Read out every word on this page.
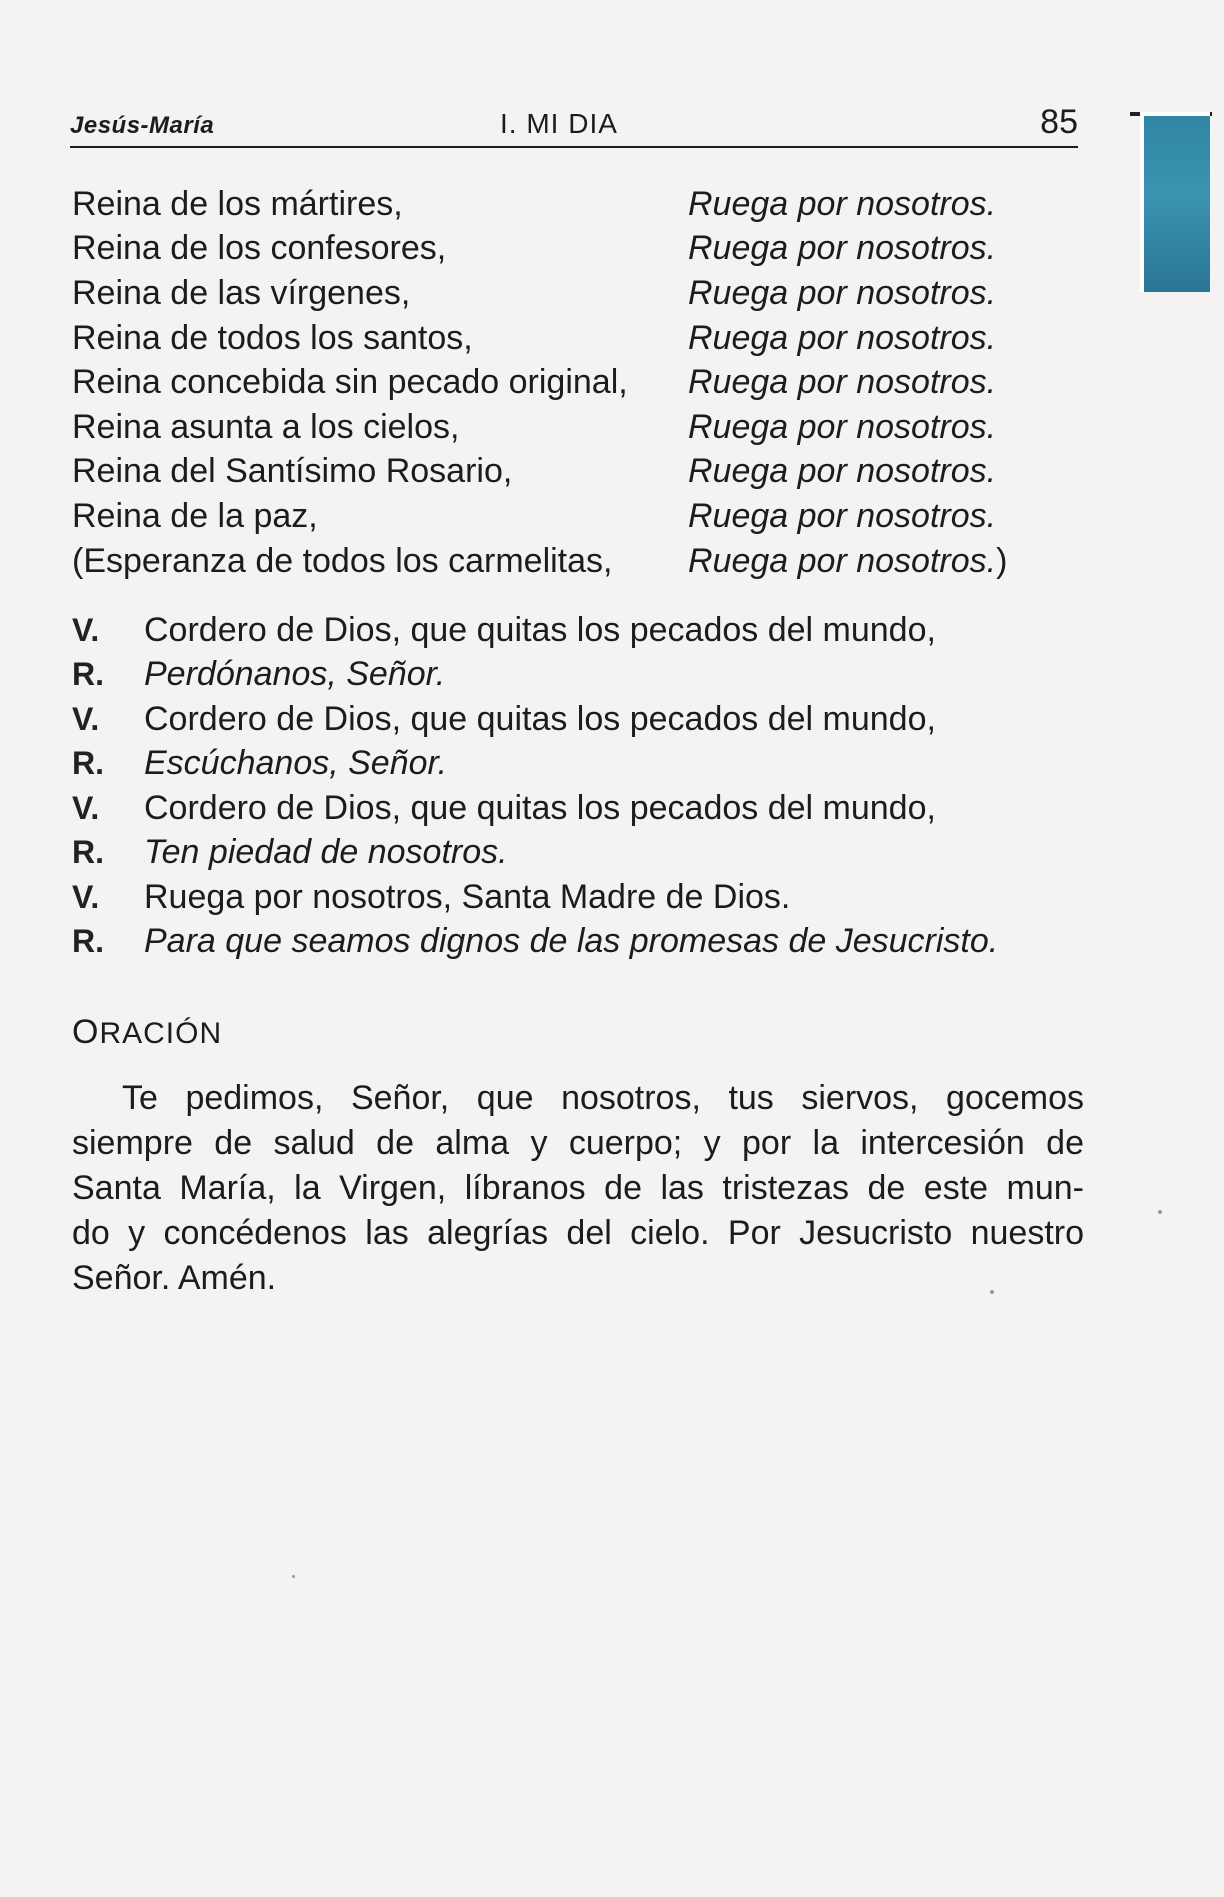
Jesús-María	I. MI DIA	85
Reina de los mártires,	Ruega por nosotros.
Reina de los confesores,	Ruega por nosotros.
Reina de las vírgenes,	Ruega por nosotros.
Reina de todos los santos,	Ruega por nosotros.
Reina concebida sin pecado original,	Ruega por nosotros.
Reina asunta a los cielos,	Ruega por nosotros.
Reina del Santísimo Rosario,	Ruega por nosotros.
Reina de la paz,	Ruega por nosotros.
(Esperanza de todos los carmelitas,	Ruega por nosotros. )
V.	Cordero de Dios, que quitas los pecados del mundo,
R.	Perdónanos, Señor.
V.	Cordero de Dios, que quitas los pecados del mundo,
R.	Escúchanos, Señor.
V.	Cordero de Dios, que quitas los pecados del mundo,
R.	Ten piedad de nosotros.
V.	Ruega por nosotros, Santa Madre de Dios.
R.	Para que seamos dignos de las promesas de Jesucristo.
ORACIÓN
Te pedimos, Señor, que nosotros, tus siervos, gocemos
siempre de salud de alma y cuerpo; y por la intercesión de
Santa María, la Virgen, líbranos de las tristezas de este mun-
do y concédenos las alegrías del cielo. Por Jesucristo nuestro
Señor. Amén.
